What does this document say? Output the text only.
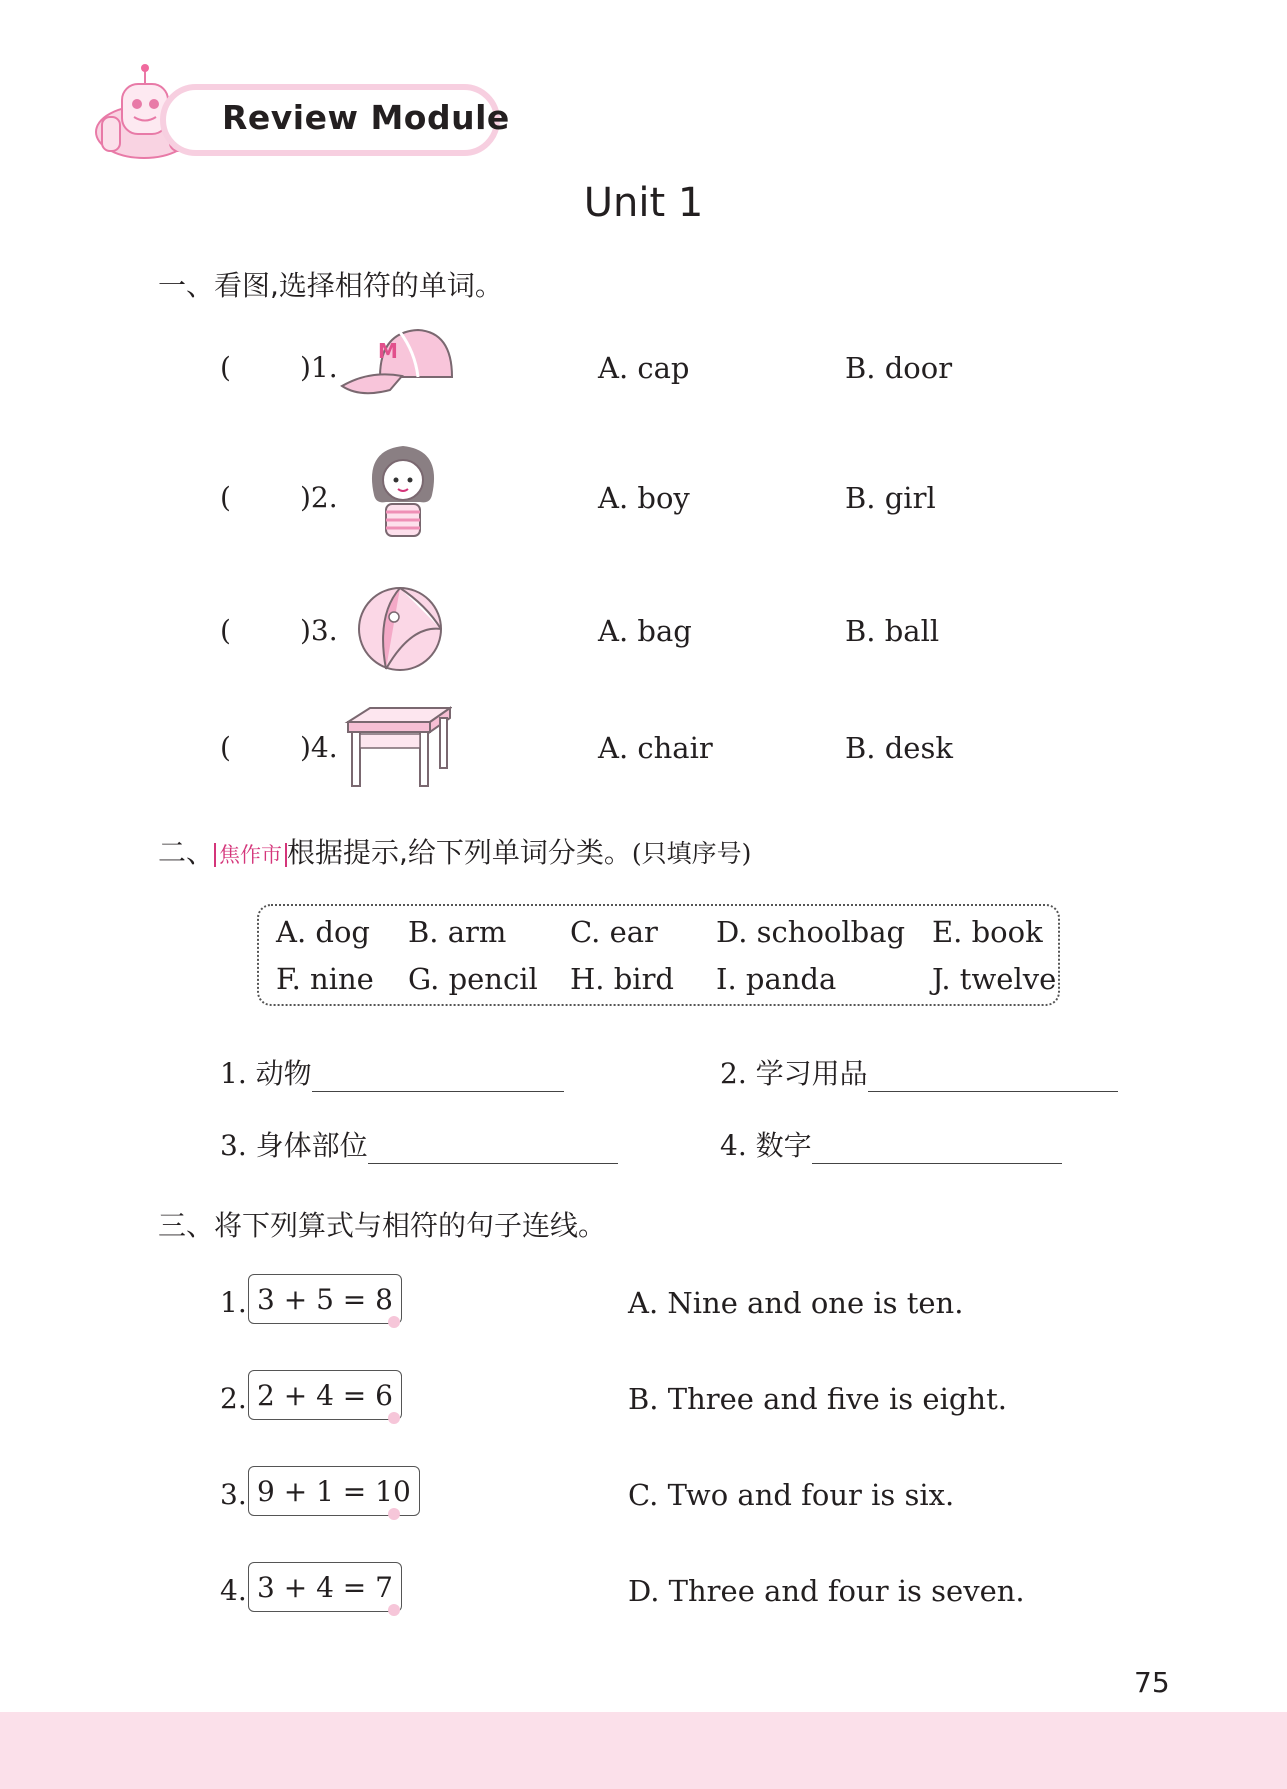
Review Module
Unit 1
一、看图,选择相符的单词。
( )1. M	A. cap	B. door
( )2.	A. boy	B. girl
( )3.	A. bag	B. ball
( )4.	A. chair	B. desk
二、 焦作市 根据提示,给下列单词分类。(只填序号)
A. dog B. arm C. ear D. schoolbag E. book
F. nine G. pencil H. bird I. panda	J. twelve
1. 动物	2. 学习用品
3. 身体部位	4. 数字
三、将下列算式与相符的句子连线。
1. 3 + 5 = 8	A. Nine and one is ten.
2. 2 + 4 = 6	B. Three and five is eight.
3. 9 + 1 = 10	C. Two and four is six.
4. 3 + 4 = 7	D. Three and four is seven.
75
